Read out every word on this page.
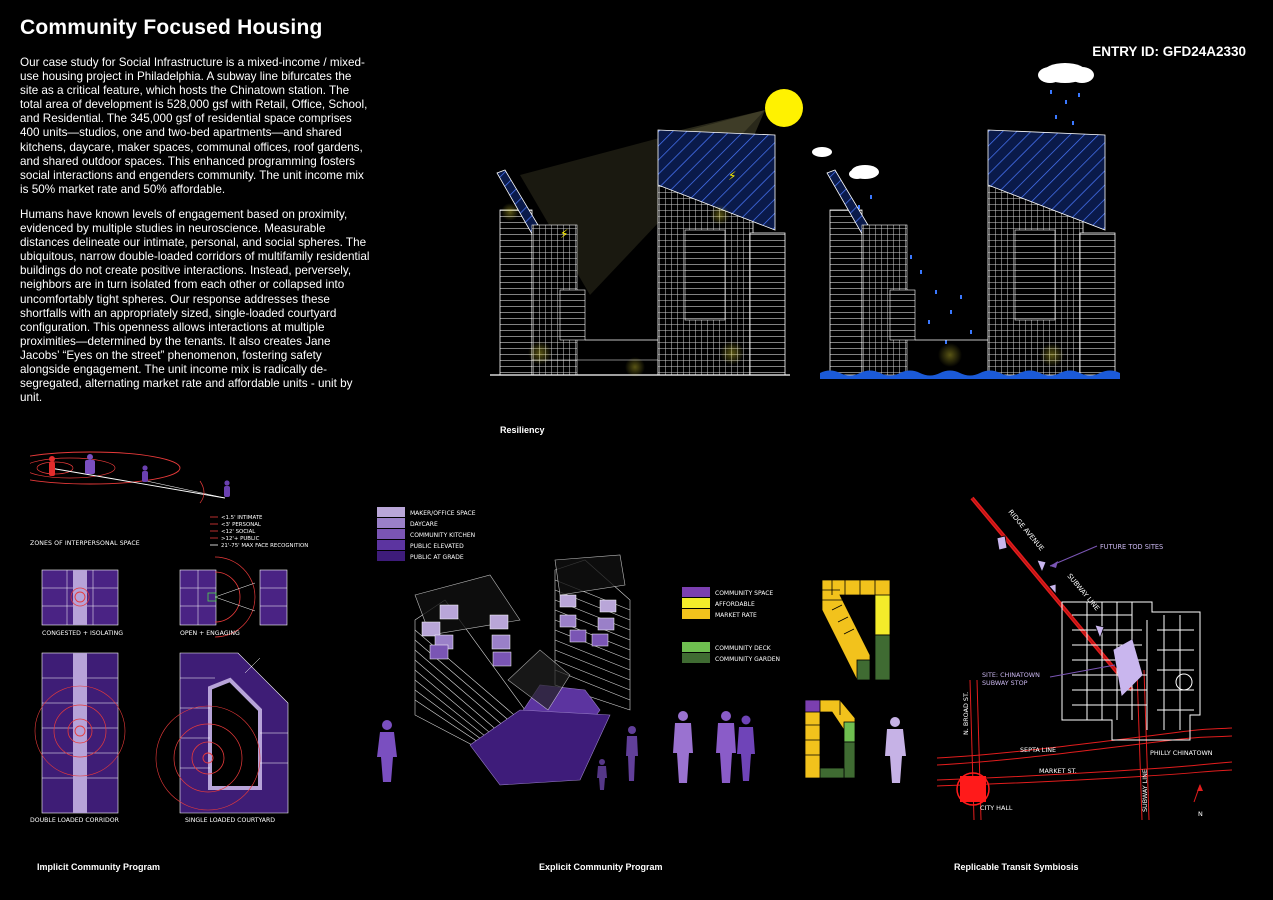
Community Focused Housing
ENTRY ID: GFD24A2330
Our case study for Social Infrastructure is a mixed-income / mixed-use housing project in Philadelphia. A subway line bifurcates the site as a critical feature, which hosts the Chinatown station. The total area of development is 528,000 gsf with Retail, Office, School, and Residential. The 345,000 gsf of residential space comprises 400 units—studios, one and two-bed apartments—and shared kitchens, daycare, maker spaces, communal offices, roof gardens, and shared outdoor spaces. This enhanced programming fosters social interactions and engenders community. The unit income mix is 50% market rate and 50% affordable.
Humans have known levels of engagement based on proximity, evidenced by multiple studies in neuroscience. Measurable distances delineate our intimate, personal, and social spheres. The ubiquitous, narrow double-loaded corridors of multifamily residential buildings do not create positive interactions. Instead, perversely, neighbors are in turn isolated from each other or collapsed into uncomfortably tight spheres. Our response addresses these shortfalls with an appropriately sized, single-loaded courtyard configuration. This openness allows interactions at multiple proximities—determined by the tenants. It also creates Jane Jacobs’ “Eyes on the street” phenomenon, fostering safety alongside engagement. The unit income mix is radically de-segregated, alternating market rate and affordable units - unit by unit.
⚡
⚡
Resiliency
ZONES OF INTERPERSONAL SPACE
<1.5' INTIMATE
<3' PERSONAL
<12' SOCIAL
>12'+ PUBLIC
21'-75' MAX FACE RECOGNITION
CONGESTED + ISOLATING	OPEN + ENGAGING
DOUBLE LOADED CORRIDOR	SINGLE LOADED COURTYARD
Implicit Community Program
MAKER/OFFICE SPACE
DAYCARE
COMMUNITY KITCHEN
PUBLIC ELEVATED
PUBLIC AT GRADE
COMMUNITY SPACE
AFFORDABLE
MARKET RATE
COMMUNITY DECK
COMMUNITY GARDEN
Explicit Community Program
RIDGE AVENUE
SUBWAY LINE
FUTURE TOD SITES
SITE: CHINATOWN SUBWAY STOP
N. BROAD ST.
SEPTA LINE
MARKET ST.
CITY HALL
PHILLY CHINATOWN
SUBWAY LINE
N
Replicable Transit Symbiosis
